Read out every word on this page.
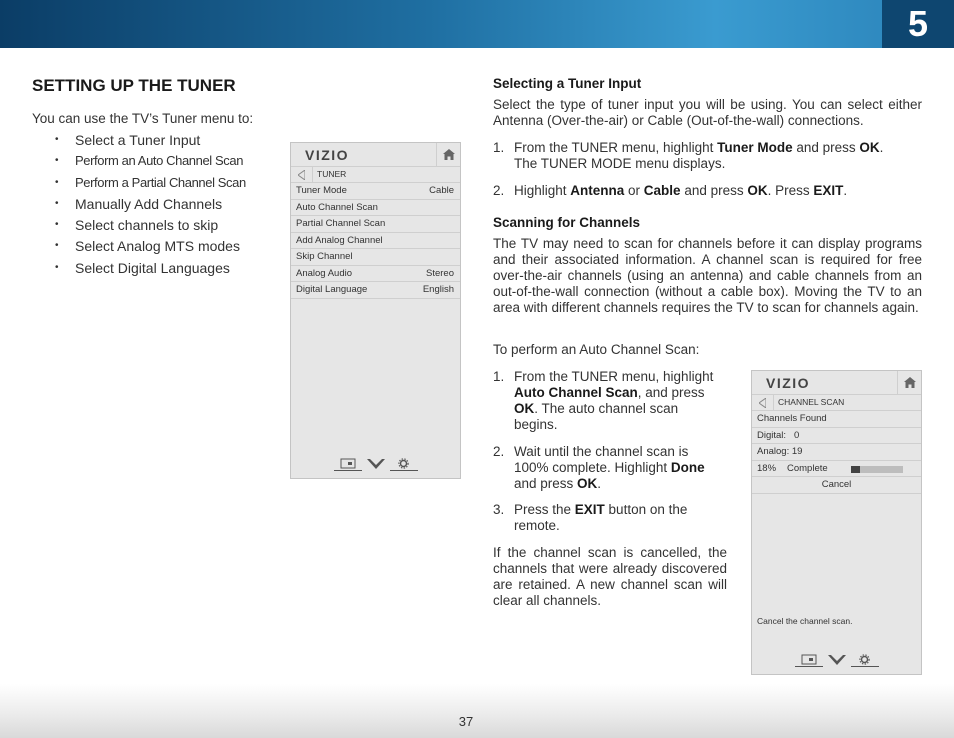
5
SETTING UP THE TUNER
You can use the TV’s Tuner menu to:
• Select a Tuner Input
• Perform an Auto Channel Scan
• Perform a Partial Channel Scan
• Manually Add Channels
• Select channels to skip
• Select Analog MTS modes
• Select Digital Languages
VIZIO
TUNER
Tuner Mode	Cable
Auto Channel Scan
Partial Channel Scan
Add Analog Channel
Skip Channel
Analog Audio	Stereo
Digital Language	English
Selecting a Tuner Input
Select the type of tuner input you will be using. You can select either Antenna (Over-the-air) or Cable (Out-of-the-wall) connections.
1. From the TUNER menu, highlight Tuner Mode and press OK.
The TUNER MODE menu displays.
2. Highlight Antenna or Cable and press OK. Press EXIT.
Scanning for Channels
The TV may need to scan for channels before it can display programs and their associated information. A channel scan is required for free over-the-air channels (using an antenna) and cable channels from an out-of-the-wall connection (without a cable box). Moving the TV to an area with different channels requires the TV to scan for channels again.
To perform an Auto Channel Scan:
1. From the TUNER menu, highlight
Auto Channel Scan, and press
OK. The auto channel scan
begins.
2. Wait until the channel scan is
100% complete. Highlight Done
and press OK.
3. Press the EXIT button on the
remote.
If the channel scan is cancelled, the channels that were already discovered are retained. A new channel scan will clear all channels.
VIZIO
CHANNEL SCAN
Channels Found
Digital: 0
Analog: 19
18% Complete
Cancel
Cancel the channel scan.
37
